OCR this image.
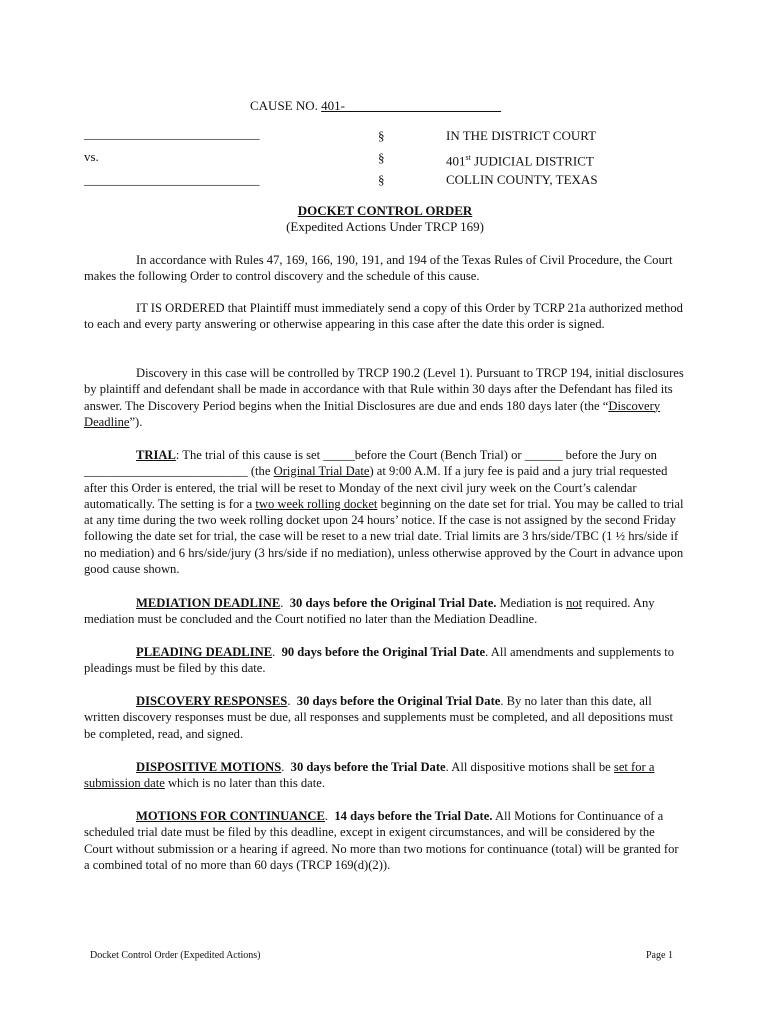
CAUSE NO. 401-________________________
___________________________
vs.
___________________________
§
§
§
IN THE DISTRICT COURT
401st JUDICIAL DISTRICT
COLLIN COUNTY, TEXAS
DOCKET CONTROL ORDER
(Expedited Actions Under TRCP 169)

In accordance with Rules 47, 169, 166, 190, 191, and 194 of the Texas Rules of Civil Procedure, the Court makes the following Order to control discovery and the schedule of this cause.

IT IS ORDERED that Plaintiff must immediately send a copy of this Order by TCRP 21a authorized method to each and every party answering or otherwise appearing in this case after the date this order is signed.

Discovery in this case will be controlled by TRCP 190.2 (Level 1). Pursuant to TRCP 194, initial disclosures by plaintiff and defendant shall be made in accordance with that Rule within 30 days after the Defendant has filed its answer. The Discovery Period begins when the Initial Disclosures are due and ends 180 days later (the “Discovery Deadline”).

TRIAL: The trial of this cause is set _____before the Court (Bench Trial) or ______ before the Jury on __________________________ (the Original Trial Date) at 9:00 A.M. If a jury fee is paid and a jury trial requested after this Order is entered, the trial will be reset to Monday of the next civil jury week on the Court’s calendar automatically. The setting is for a two week rolling docket beginning on the date set for trial. You may be called to trial at any time during the two week rolling docket upon 24 hours’ notice. If the case is not assigned by the second Friday following the date set for trial, the case will be reset to a new trial date. Trial limits are 3 hrs/side/TBC (1 ½ hrs/side if no mediation) and 6 hrs/side/jury (3 hrs/side if no mediation), unless otherwise approved by the Court in advance upon good cause shown.

MEDIATION DEADLINE.  30 days before the Original Trial Date. Mediation is not required. Any mediation must be concluded and the Court notified no later than the Mediation Deadline.

PLEADING DEADLINE.  90 days before the Original Trial Date. All amendments and supplements to pleadings must be filed by this date.

DISCOVERY RESPONSES.  30 days before the Original Trial Date. By no later than this date, all written discovery responses must be due, all responses and supplements must be completed, and all depositions must be completed, read, and signed.

DISPOSITIVE MOTIONS.  30 days before the Trial Date. All dispositive motions shall be set for a submission date which is no later than this date.

MOTIONS FOR CONTINUANCE.  14 days before the Trial Date. All Motions for Continuance of a scheduled trial date must be filed by this deadline, except in exigent circumstances, and will be considered by the Court without submission or a hearing if agreed. No more than two motions for continuance (total) will be granted for a combined total of no more than 60 days (TRCP 169(d)(2)).

Docket Control Order (Expedited Actions)	Page 1
